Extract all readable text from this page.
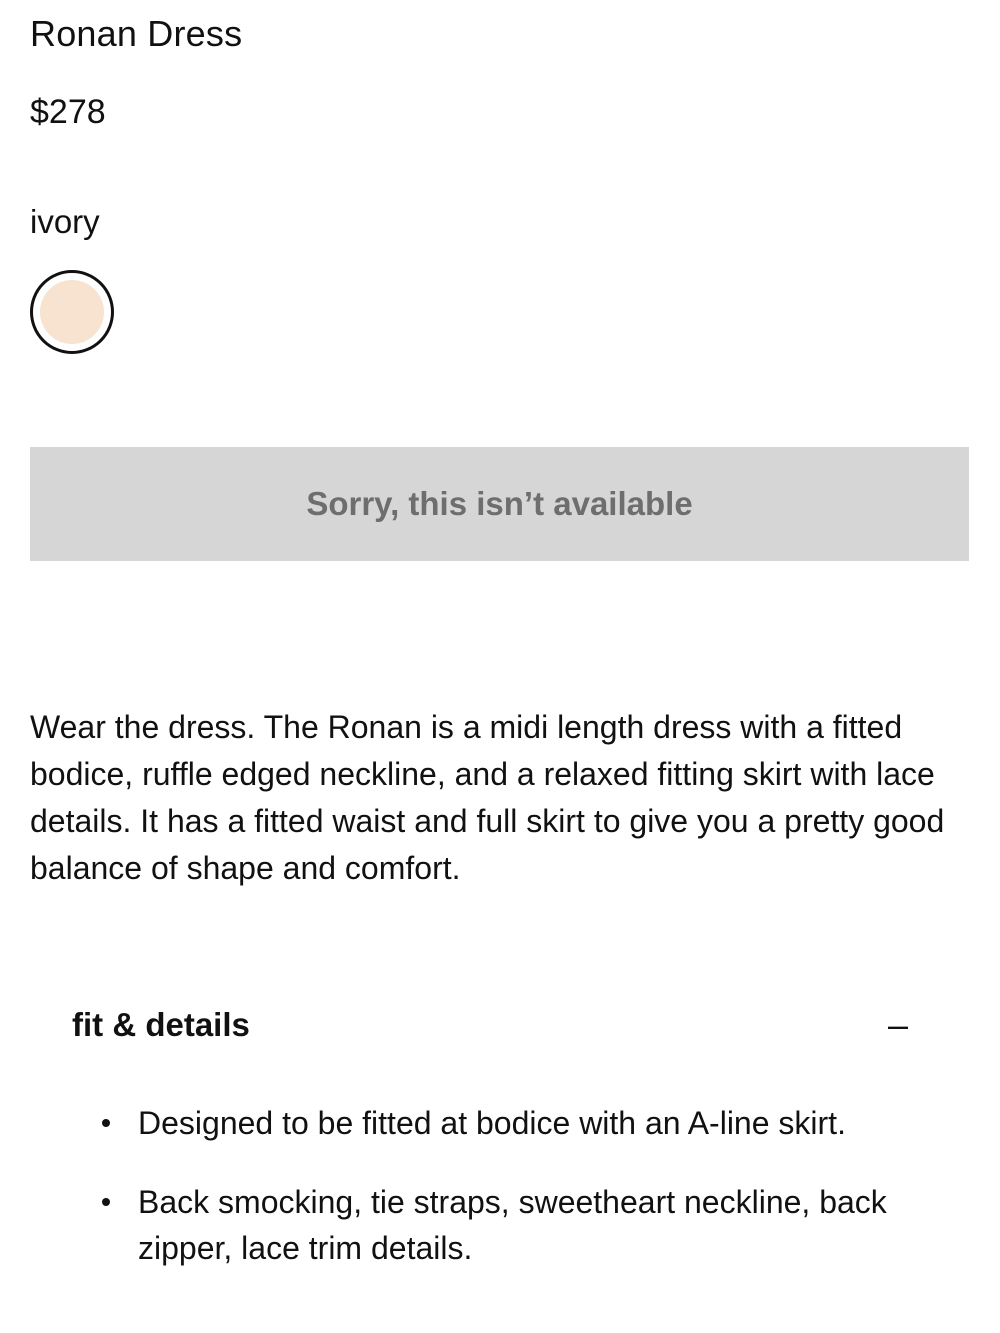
Ronan Dress
$278
ivory
Sorry, this isn’t available

Wear the dress. The Ronan is a midi length dress with a fitted bodice, ruffle edged neckline, and a relaxed fitting skirt with lace details. It has a fitted waist and full skirt to give you a pretty good balance of shape and comfort.

fit & details	–
Designed to be fitted at bodice with an A-line skirt.
Back smocking, tie straps, sweetheart neckline, back zipper, lace trim details.
